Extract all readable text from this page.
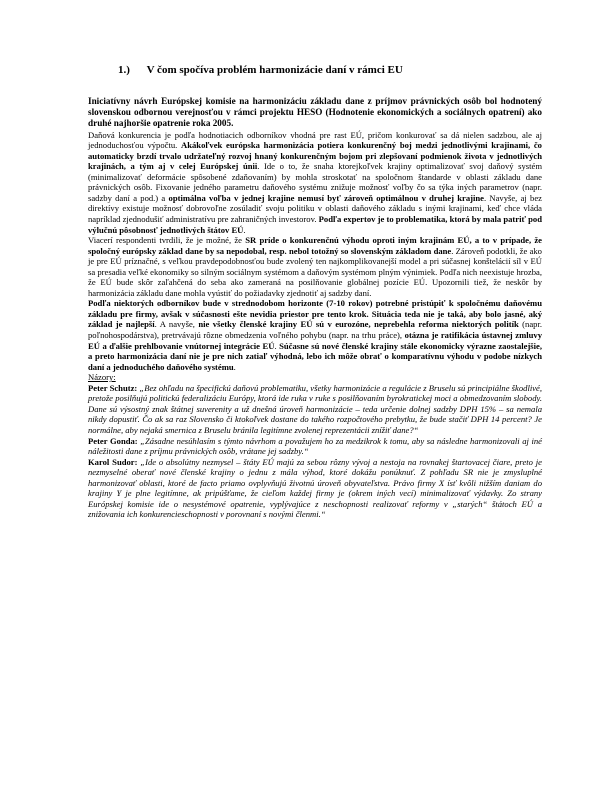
1.) V čom spočíva problém harmonizácie daní v rámci EU

Iniciatívny návrh Európskej komisie na harmonizáciu základu dane z príjmov právnických osôb bol hodnotený slovenskou odbornou verejnosťou v rámci projektu HESO (Hodnotenie ekonomických a sociálnych opatrení) ako druhé najhoršie opatrenie roka 2005.

Daňová konkurencia je podľa hodnotiacich odborníkov vhodná pre rast EÚ, pričom konkurovať sa dá nielen sadzbou, ale aj jednoduchosťou výpočtu. Akákoľvek európska harmonizácia potiera konkurenčný boj medzi jednotlivými krajinami, čo automaticky brzdí trvalo udržateľný rozvoj hnaný konkurenčným bojom pri zlepšovaní podmienok života v jednotlivých krajinách, a tým aj v celej Európskej únii. Ide o to, že snaha ktorejkoľvek krajiny optimalizovať svoj daňový systém (minimalizovať deformácie spôsobené zdaňovaním) by mohla stroskotať na spoločnom štandarde v oblasti základu dane právnických osôb. Fixovanie jedného parametru daňového systému znižuje možnosť voľby čo sa týka iných parametrov (napr. sadzby daní a pod.) a optimálna voľba v jednej krajine nemusí byť zároveň optimálnou v druhej krajine. Navyše, aj bez direktívy existuje možnosť dobrovoľne zosúladiť svoju politiku v oblasti daňového základu s inými krajinami, keď chce vláda napríklad zjednodušiť administratívu pre zahraničných investorov. Podľa expertov je to problematika, ktorá by mala patriť pod výlučnú pôsobnosť jednotlivých štátov EÚ.

Viacerí respondenti tvrdili, že je možné, že SR príde o konkurenčnú výhodu oproti iným krajinám EÚ, a to v prípade, že spoločný európsky základ dane by sa nepodobal, resp. nebol totožný so slovenským základom dane. Zároveň podotkli, že ako je pre EÚ príznačné, s veľkou pravdepodobnosťou bude zvolený ten najkomplikovanejší model a pri súčasnej konštelácií síl v EÚ sa presadia veľké ekonomiky so silným sociálnym systémom a daňovým systémom plným výnimiek. Podľa nich neexistuje hrozba, že EÚ bude skôr zaľahčená do seba ako zameraná na posilňovanie globálnej pozície EÚ. Upozornili tiež, že neskôr by harmonizácia základu dane mohla vyústiť do požiadavky zjednotiť aj sadzby daní.

Podľa niektorých odborníkov bude v strednodobom horizonte (7-10 rokov) potrebné pristúpiť k spoločnému daňovému základu pre firmy, avšak v súčasnosti ešte nevidia priestor pre tento krok. Situácia teda nie je taká, aby bolo jasné, aký základ je najlepší. A navyše, nie všetky členské krajiny EÚ sú v eurozóne, neprebehla reforma niektorých politík (napr. poľnohospodárstva), pretrvávajú rôzne obmedzenia voľného pohybu (napr. na trhu práce), otázna je ratifikácia ústavnej zmluvy EÚ a ďalšie prehlbovanie vnútornej integrácie EÚ. Súčasne sú nové členské krajiny stále ekonomicky výrazne zaostalejšie, a preto harmonizácia daní nie je pre nich zatiaľ výhodná, lebo ich môže obrať o komparatívnu výhodu v podobe nízkych daní a jednoduchého daňového systému.

Názory:

Peter Schutz: „Bez ohľadu na špecifickú daňovú problematiku, všetky harmonizácie a regulácie z Bruselu sú principiálne škodlivé, pretože posilňujú politickú federalizáciu Európy, ktorá ide ruka v ruke s posilňovaním byrokratickej moci a obmedzovaním slobody. Dane sú výsostný znak štátnej suverenity a už dnešná úroveň harmonizácie – teda určenie dolnej sadzby DPH 15% – sa nemala nikdy dopustiť. Čo ak sa raz Slovensko či ktokoľvek dostane do takého rozpočtového prebytku, že bude stačiť DPH 14 percent? Je normálne, aby nejaká smernica z Bruselu bránila legitímne zvolenej reprezentácii znížiť dane?“

Peter Gonda: „Zásadne nesúhlasím s týmto návrhom a považujem ho za medzikrok k tomu, aby sa následne harmonizovali aj iné náležitosti dane z príjmu právnických osôb, vrátane jej sadzby.“

Karol Sudor: „Ide o absolútny nezmysel – štáty EÚ majú za sebou rôzny vývoj a nestoja na rovnakej štartovacej čiare, preto je nezmyselné oberať nové členské krajiny o jednu z mála výhod, ktoré dokážu ponúknuť. Z pohľadu SR nie je zmysluplné harmonizovať oblasti, ktoré de facto priamo ovplyvňujú životnú úroveň obyvateľstva. Právo firmy X ísť kvôli nižším daniam do krajiny Y je plne legitímne, ak pripúšťame, že cieľom každej firmy je (okrem iných vecí) minimalizovať výdavky. Zo strany Európskej komisie ide o nesystémové opatrenie, vyplývajúce z neschopnosti realizovať reformy v „starých“ štátoch EÚ a znižovania ich konkurencieschopnosti v porovnaní s novými členmi.“
